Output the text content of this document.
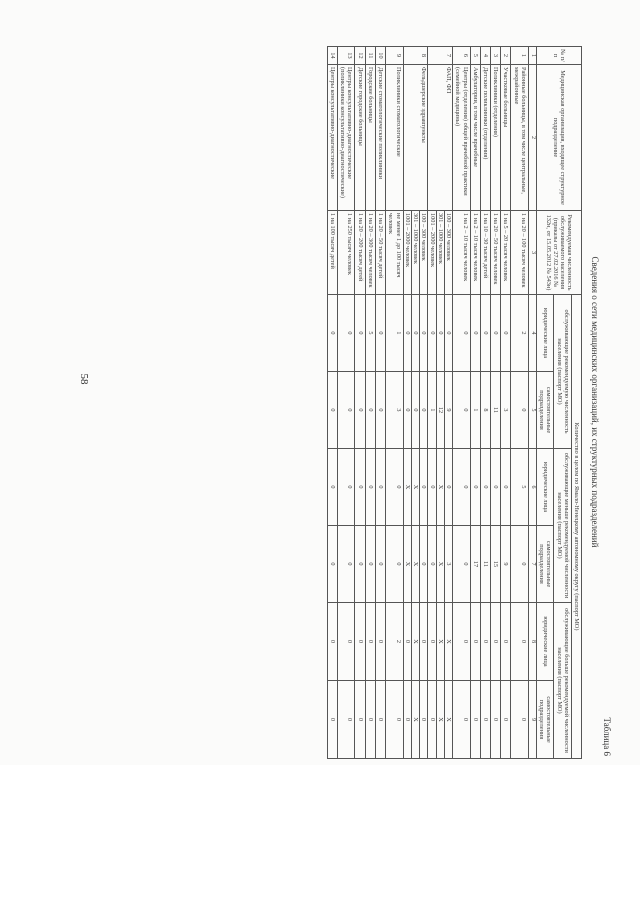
58
Таблица 6
Сведения о сети медицинских организаций, их структурных подразделений
№ п/п	Медицинская организация, входящее структурное подразделение	Рекомендуемая численность обслуживаемого населения (приказы от 27.02.2016 № 132н, от 15.05.2012 № 543н)	Количество в целом по Ямало-Ненецкому автономному округу (паспорт МО)					
			обслуживающие рекомендуемую численность населения (паспорт МО)		обслуживающие меньше рекомендуемой численности населения (паспорт МО)		обслуживающие больше рекомендуемой численности населения (паспорт МО)	
			юридические лица	самостоятельные подразделения	юридические лица	самостоятельные подразделения	юридические лица	самостоятельные подразделения
1	2	3	4	5	6	7	8	9
1	Районные больницы, в том числе центральные, межрайонные	1 на 20 – 100 тысяч человек	2	0	5	0	0	0
2	Участковые больницы	1 на 5 – 20 тысяч человек	0	3	0	9	0	0
3	Поликлиники (отделения)	1 на 20 – 50 тысяч человек	0	11	0	15	0	0
4	Детские поликлиники (отделения)	1 на 10 – 30 тысяч детей	0	8	0	11	0	0
5	Амбулатории, в том числе врачебные	1 на 2 – 10 тысяч человек	0	1	0	17	0	0
6	Центры (отделения) общей врачебной практики (семейной медицины)	1 на 2 – 10 тысяч человек	0	0	0	0	0	0
7	ФАП, ФП	100 – 300 человек	0	9	0	3	X	X
		301 – 1000 человек	0	12	X	X	X	X
		1001 – 2000 человек	0	1	0	0	0	0
8	Фельдшерские здравпункты	100 – 300 человек	0	0	0	0	0	0
		301 – 1000 человек	0	0	X	X	X	X
		1001 – 2000 человек	0	0	X	X	0	0
9	Поликлиники стоматологические	не менее 1 до 100 тысяч человек	1	3	0	0	2	0
10	Детские стоматологические поликлиники	1 на 20 – 50 тысяч детей	0	0	0	0	0	0
11	Городские больницы	1 на 20 – 300 тысяч человек	5	0	0	0	0	0
12	Детские городские больницы	1 на 20 – 200 тысяч детей	0	0	0	0	0	0
13	Центры консультативно-диагностические (поликлиники консультативно-диагностические)	1 на 250 тысяч человек	0	0	0	0	0	0
14	Центры консультативно-диагностические	1 на 100 тысяч детей	0	0	0	0	0	0
